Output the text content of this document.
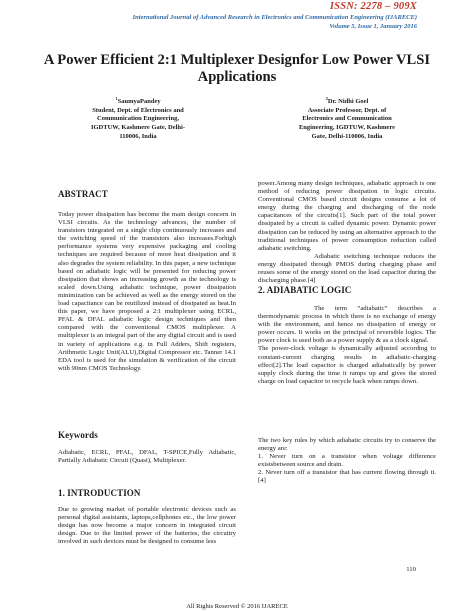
ISSN: 2278 – 909X
International Journal of Advanced Research in Electronics and Communication Engineering (IJARECE)
Volume 5, Issue 1, January 2016
A Power Efficient 2:1 Multiplexer Designfor Low Power VLSI Applications
$^1$SaumyaPandey
Student, Dept. of Electronics and
Communication Engineering,
IGDTUW, Kashmere Gate, Delhi-
110006, India
$^2$Dr. Nidhi Goel
Associate Professor, Dept. of
Electronics and Communication
Engineering, IGDTUW, Kashmere
Gate, Delhi-110006, India
ABSTRACT
Today power dissipation has become the main design concern in VLSI circuits. As the technology advances, the number of transistors integrated on a single chip continuously increases and the switching speed of the transistors also increases.Forhigh performance systems very expensive packaging and cooling techniques are required because of more heat dissipation and it also degrades the system reliability. In this paper, a new technique based on adiabatic logic will be presented for reducing power dissipation that shows an increasing growth as the technology is scaled down.Using adiabatic technique, power dissipation minimization can be achieved as well as the energy stored on the load capacitance can be reutilized instead of dissipated as heat.In this paper, we have proposed a 2:1 multiplexer using ECRL, PFAL & DFAL adiabatic logic design techniques and then compared with the conventional CMOS multiplexer. A multiplexer is an integral part of the any digital circuit and is used in variety of applications e.g. in Full Adders, Shift registers, Arithmetic Logic Unit(ALU),Digital Compressor etc. Tanner 14.1 EDA tool is used for the simulation & verification of the circuit with 90nm CMOS Technology.
Keywords
Adiabatic, ECRL, PFAL, DFAL, T-SPICE,Fully Adiabatic, Partially Adiabatic Circuit (Quasi), Multiplexer.
1. INTRODUCTION
Due to growing market of portable electronic devices such as personal digital assistants, laptops,cellphones etc., the low power design has now become a major concern in integrated circuit design. Due to the limited power of the batteries, the circuitry involved in such devices must be designed to consume less

power.Among many design techniques, adiabatic approach is one method of reducing power dissipation in logic circuits. Conventional CMOS based circuit designs consume a lot of energy during the charging and discharging of the node capacitances of the circuits[1]. Such part of the total power dissipated by a circuit is called dynamic power. Dynamic power dissipation can be reduced by using an alternative approach to the traditional techniques of power consumption reduction called adiabatic switching.

Adiabatic switching technique reduces the energy dissipated through PMOS during charging phase and reuses some of the energy stored on the load capacitor during the discharging phase.[4]

2. ADIABATIC LOGIC

The term “adiabatic” describes a thermodynamic process in which there is no exchange of energy with the environment, and hence no dissipation of energy or power occurs. It works on the principal of reversible logics. The power clock is used both as a power supply & as a clock signal.

The power-clock voltage is dynamically adjusted according to constant-current charging results in adiabatic-charging effect[2].The load capacitor is charged adiabatically by power supply clock during the time it ramps up and gives the stored charge on load capacitor to recycle back when ramps down.

The two key rules by which adiabatic circuits try to conserve the energy are:

1. Never turn on a transistor when voltage difference existsbetween source and drain.

2. Never turn off a transistor that has current flowing through it.[4]

110
All Rights Reserved © 2016 IJARECE
